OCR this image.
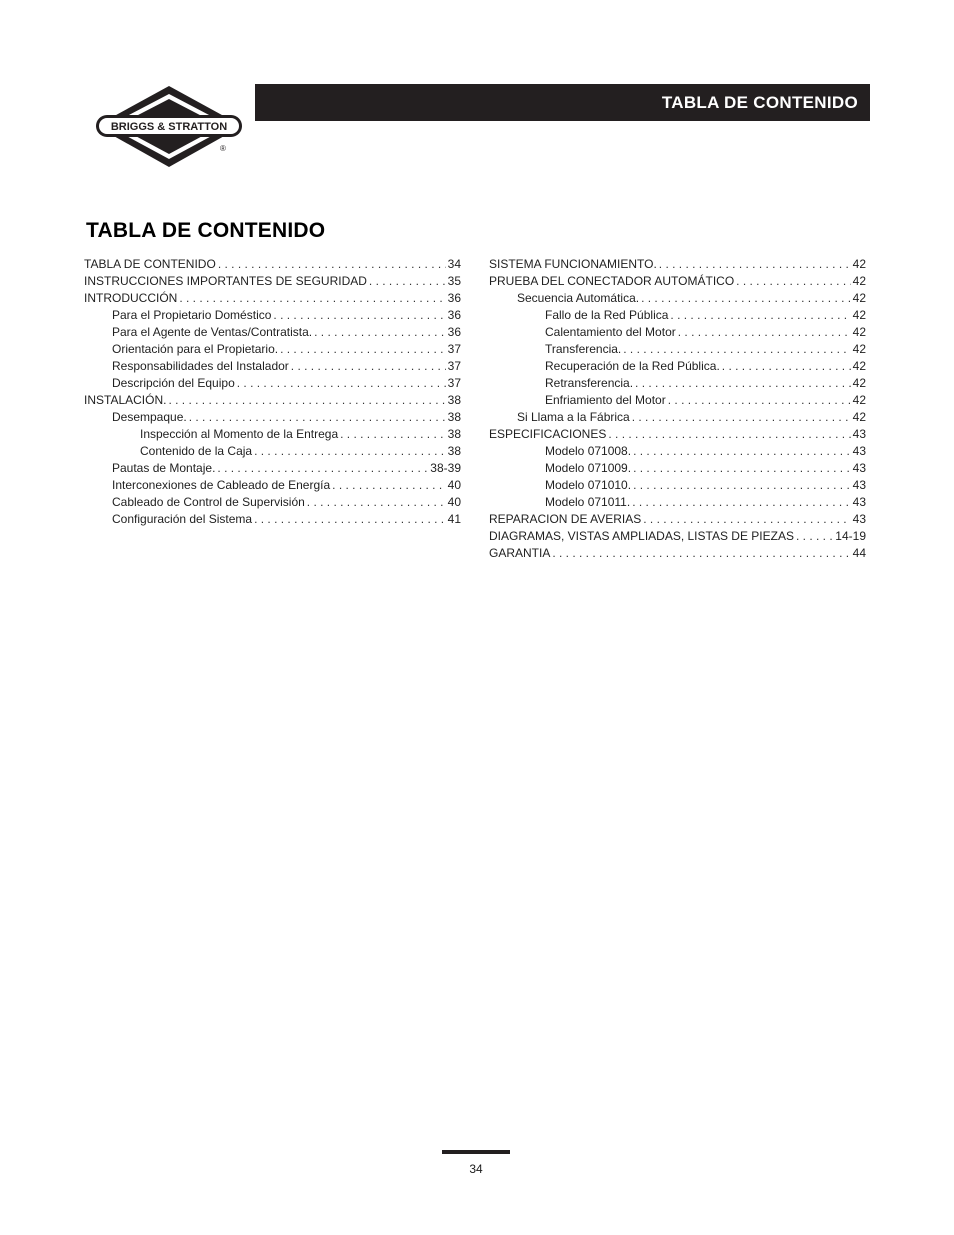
BRIGGS & STRATTON
®
TABLA DE CONTENIDO
TABLA DE CONTENIDO
TABLA DE CONTENIDO . . .	34
INSTRUCCIONES IMPORTANTES DE SEGURIDAD . . .	35
INTRODUCCIÓN . . .	36
Para el Propietario Doméstico . . .	36
Para el Agente de Ventas/Contratista. . . .	36
Orientación para el Propietario. . . .	37
Responsabilidades del Instalador . . .	37
Descripción del Equipo . . .	37
INSTALACIÓN. . . .	38
Desempaque. . . .	38
Inspección al Momento de la Entrega . . .	38
Contenido de la Caja . . .	38
Pautas de Montaje. . . .	38-39
Interconexiones de Cableado de Energía . . .	40
Cableado de Control de Supervisión . . .	40
Configuración del Sistema . . .	41
SISTEMA FUNCIONAMIENTO. . . .	42
PRUEBA DEL CONECTADOR AUTOMÁTICO . . .	42
Secuencia Automática. . . .	42
Fallo de la Red Pública . . .	42
Calentamiento del Motor . . .	42
Transferencia. . . .	42
Recuperación de la Red Pública. . . .	42
Retransferencia. . . .	42
Enfriamiento del Motor . . .	42
Si Llama a la Fábrica . . .	42
ESPECIFICACIONES . . .	43
Modelo 071008. . . .	43
Modelo 071009. . . .	43
Modelo 071010. . . .	43
Modelo 071011. . . .	43
REPARACION DE AVERIAS . . .	43
DIAGRAMAS, VISTAS AMPLIADAS, LISTAS DE PIEZAS . . .	14-19
GARANTIA . . .	44
34
